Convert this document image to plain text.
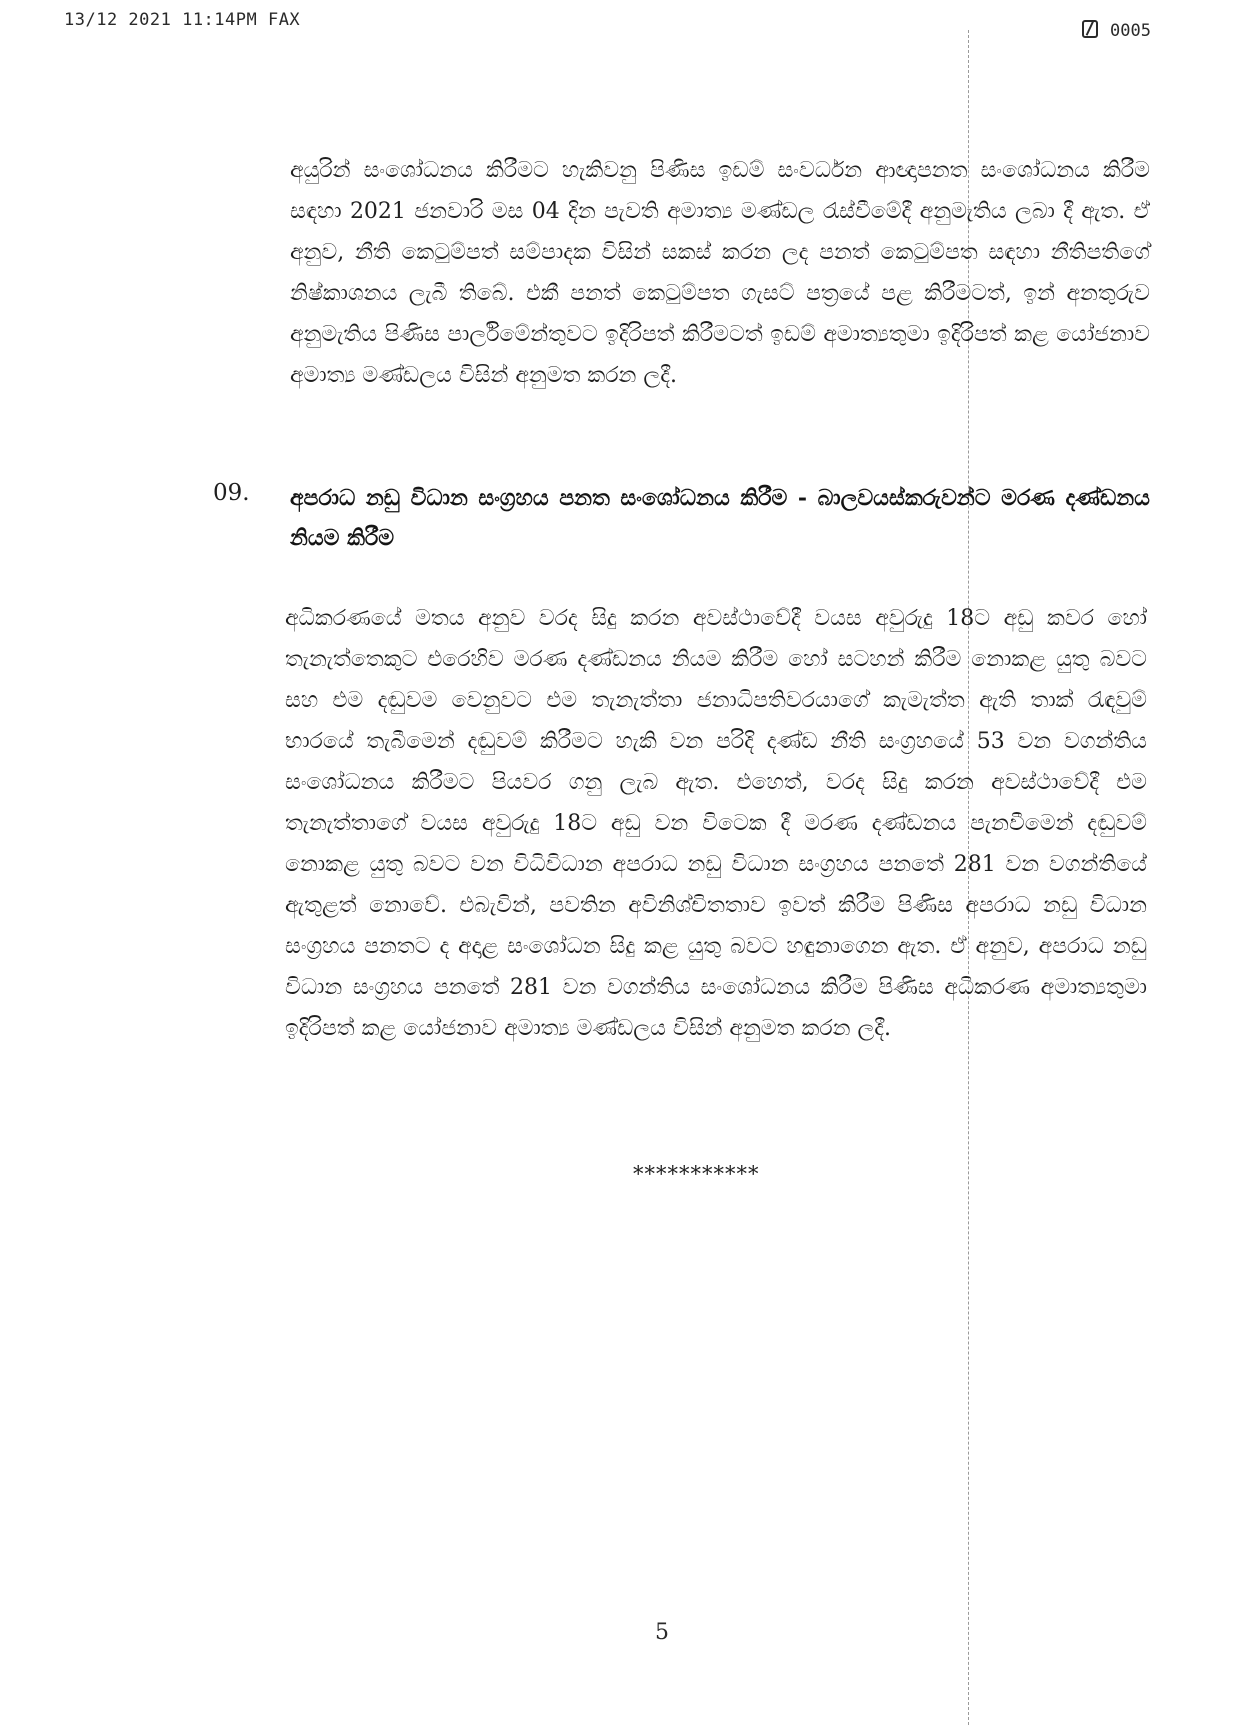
13/12 2021 11:14PM FAX
0005
අයුරින් සංශෝධනය කිරීමට හැකිවනු පිණිස ඉඩම් සංවර්ධන ආඥාපනත සංශෝධනය කිරීම සඳහා 2021 ජනවාරි මස 04 දින පැවති අමාත්‍ය මණ්ඩල රැස්වීමේදී අනුමැතිය ලබා දී ඇත. ඒ අනුව, නීති කෙටුම්පත් සම්පාදක විසින් සකස් කරන ලද පනත් කෙටුම්පත සඳහා නීතිපතිගේ නිෂ්කාශනය ලැබී තිබේ. එකී පනත් කෙටුම්පත ගැසට් පත්‍රයේ පළ කිරීමටත්, ඉන් අනතුරුව අනුමැතිය පිණිස පාර්ලිමේන්තුවට ඉදිරිපත් කිරීමටත් ඉඩම් අමාත්‍යතුමා ඉදිරිපත් කළ යෝජනාව අමාත්‍ය මණ්ඩලය විසින් අනුමත කරන ලදී.
09. අපරාධ නඩු විධාන සංග්‍රහය පනත සංශෝධනය කිරීම - බාලවයස්කරුවන්ට මරණ දණ්ඩනය නියම කිරීම
අධිකරණයේ මතය අනුව වරද සිදු කරන අවස්ථාවේදී වයස අවුරුදු 18ට අඩු කවර හෝ තැනැත්තෙකුට එරෙහිව මරණ දණ්ඩනය නියම කිරීම හෝ සටහන් කිරීම නොකළ යුතු බවට සහ එම දඬුවම වෙනුවට එම තැනැත්තා ජනාධිපතිවරයාගේ කැමැත්ත ඇති තාක් රැඳවුම් භාරයේ තැබීමෙන් දඬුවම් කිරීමට හැකි වන පරිදි දණ්ඩ නීති සංග්‍රහයේ 53 වන වගන්තිය සංශෝධනය කිරීමට පියවර ගනු ලැබ ඇත. එහෙත්, වරද සිදු කරන අවස්ථාවේදී එම තැනැත්තාගේ වයස අවුරුදු 18ට අඩු වන විටෙක දී මරණ දණ්ඩනය පැනවීමෙන් දඬුවම් නොකළ යුතු බවට වන විධිවිධාන අපරාධ නඩු විධාන සංග්‍රහය පනතේ 281 වන වගන්තියේ ඇතුළත් නොවේ. එබැවින්, පවතින අවිනිශ්චිතතාව ඉවත් කිරීම පිණිස අපරාධ නඩු විධාන සංග්‍රහය පනතට ද අදාළ සංශෝධන සිදු කළ යුතු බවට හඳුනාගෙන ඇත. ඒ අනුව, අපරාධ නඩු විධාන සංග්‍රහය පනතේ 281 වන වගන්තිය සංශෝධනය කිරීම පිණිස අධිකරණ අමාත්‍යතුමා ඉදිරිපත් කළ යෝජනාව අමාත්‍ය මණ්ඩලය විසින් අනුමත කරන ලදී.
***********
5
